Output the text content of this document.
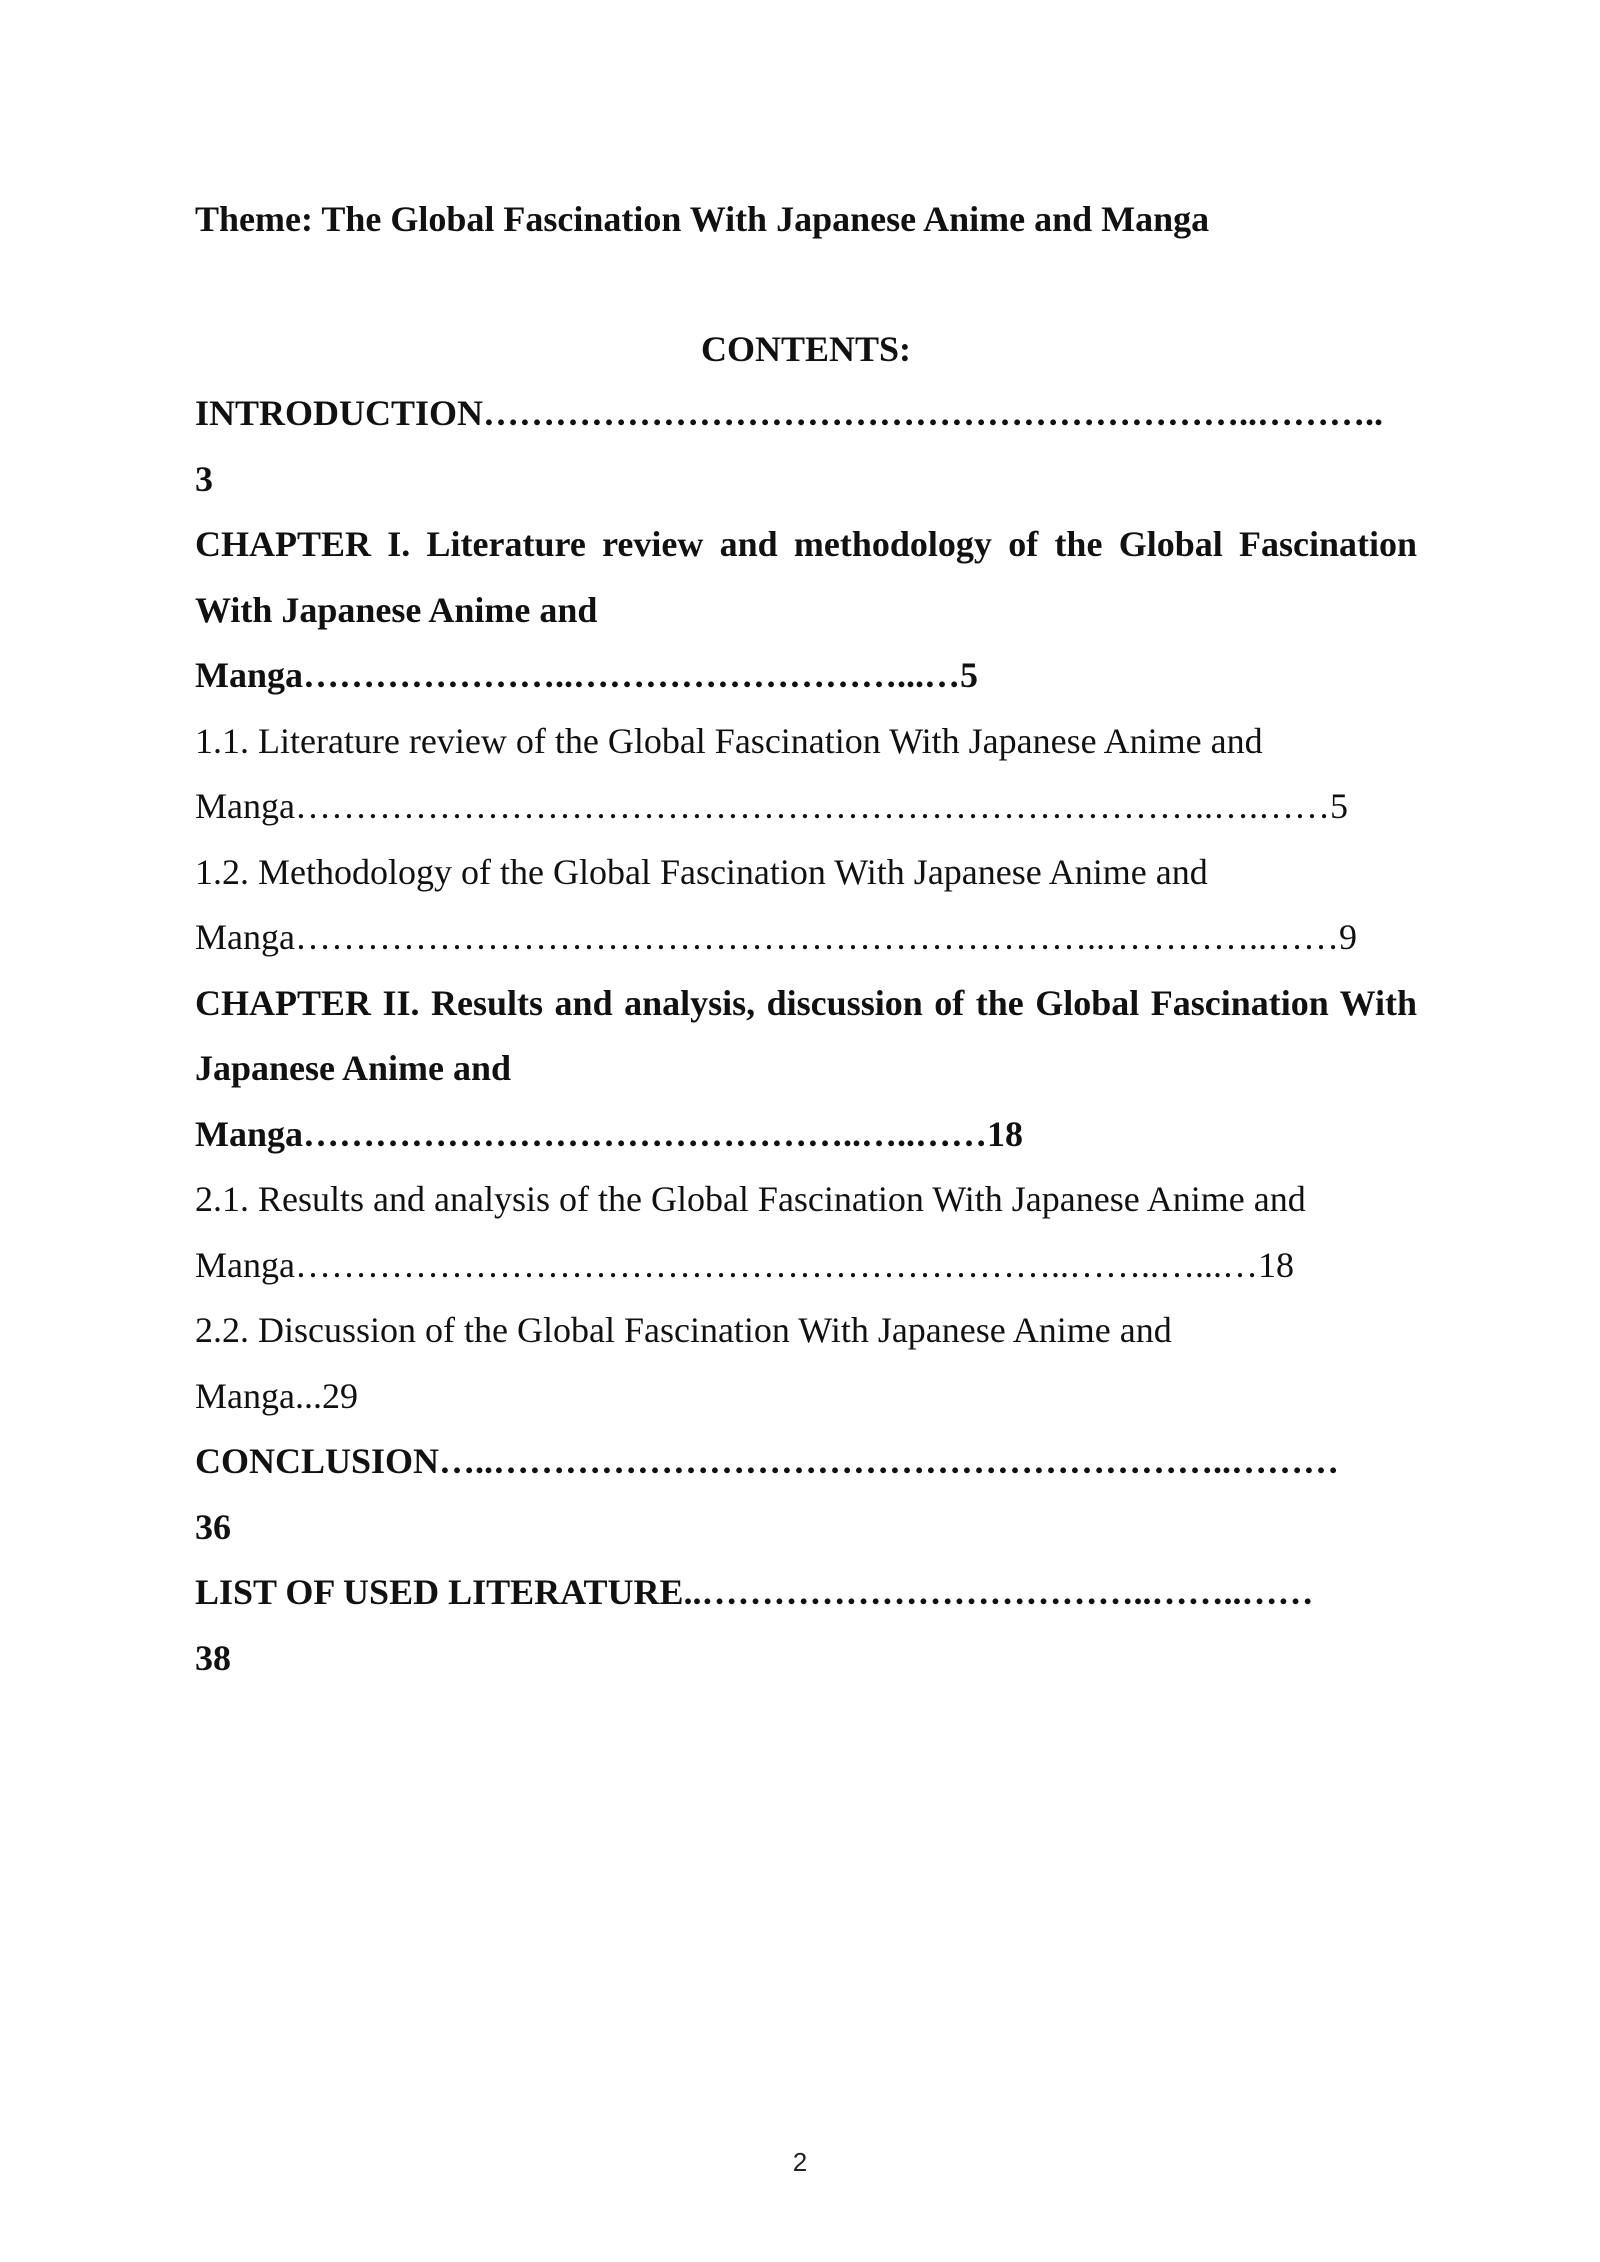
Theme: The Global Fascination With Japanese Anime and Manga
CONTENTS:
INTRODUCTION………………………………………………………..………..
3
CHAPTER I. Literature review and methodology of the Global Fascination With Japanese Anime and
Manga…………………..………………………...…5
1.1. Literature review of the Global Fascination With Japanese Anime and
Manga…………………………………………………………………..….……5
1.2. Methodology of the Global Fascination With Japanese Anime and
Manga…………………………………………………………..…………..……9
CHAPTER II. Results and analysis, discussion of the Global Fascination With Japanese Anime and
Manga………………………………………..…..……18
2.1. Results and analysis of the Global Fascination With Japanese Anime and
Manga………………………………………………………..……..…...…18
2.2. Discussion of the Global Fascination With Japanese Anime and
Manga...29
CONCLUSION…..……………………………………………………..………
36
LIST OF USED LITERATURE..………………………………..……..……
38
2
